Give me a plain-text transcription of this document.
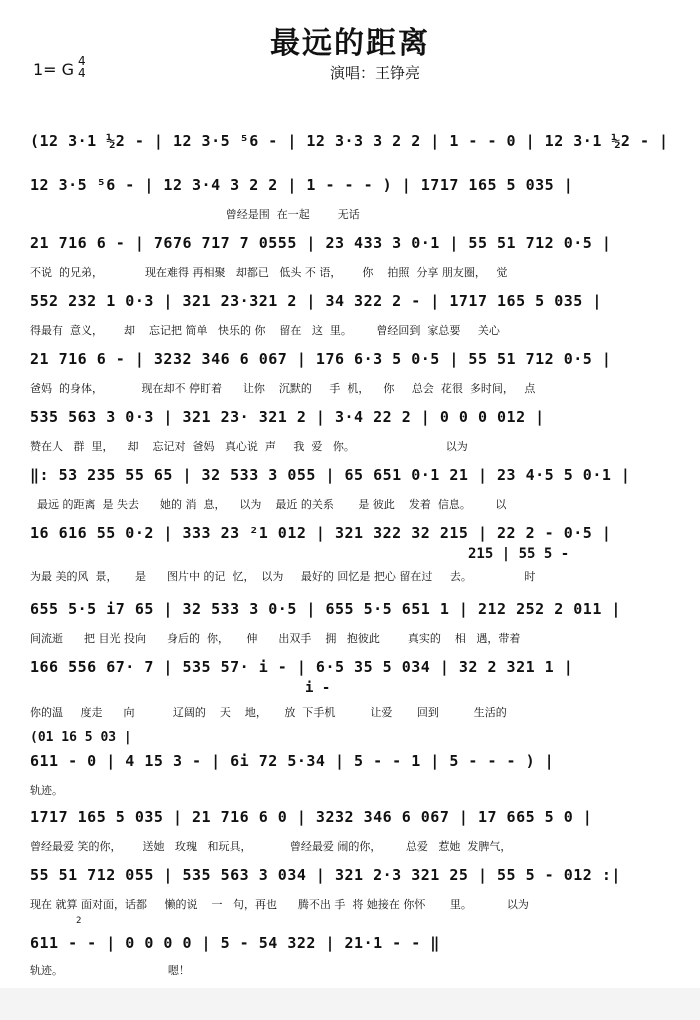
最远的距离
1= G 4
4	演唱：王铮亮
(12 3·1 ½2 - | 12 3·5 ⁵6 - | 12 3·3 3 2 2 | 1 - - 0 | 12 3·1 ½2 - |
12 3·5 ⁵6 - | 12 3·4 3 2 2 | 1 - - - ) | 1717 165 5 035 |
曾经是围  在一起        无话
21 716 6 - | 7676 717 7 0555 | 23 433 3 0·1 | 55 51 712 0·5 |
不说  的兄弟，            现在难得 再相聚   却都已   低头 不 语，      你    拍照  分享 朋友圈，   觉
552 232 1 0·3 | 321 23·321 2 | 34 322 2 - | 1717 165 5 035 |
得最有  意义，      却    忘记把 简单   快乐的 你    留在   这  里。       曾经回到  家总要     关心
21 716 6 - | 3232 346 6 067 | 176 6·3 5 0·5 | 55 51 712 0·5 |
爸妈  的身体，           现在却不 停盯着      让你    沉默的     手  机，    你     总会  花很  多时间，   点
535 563 3 0·3 | 321 23· 321 2 | 3·4 22 2 | 0 0 0 012 |
赞在人   群  里，    却    忘记对  爸妈   真心说  声     我  爱   你。                          以为
‖: 53 235 55 65 | 32 533 3 055 | 65 651 0·1 21 | 23 4·5 5 0·1 |
最远 的距离  是 失去      她的 消  息，    以为    最近 的关系       是 彼此    发着  信息。       以
16 616 55 0·2 | 333 23 ²1 012 | 321 322 32 215 | 22 2 - 0·5 |
215 | 55 5 -
为最 美的风  景，     是      图片中 的记  忆，  以为     最好的 回忆是 把心 留在过     去。               时
655 5·5 i7 65 | 32 533 3 0·5 | 655 5·5 651 1 | 212 252 2 011 |
间流逝      把 目光 投向      身后的  你，     伸      出双手    拥   抱彼此        真实的    相   遇，带着
166 556 67· 7 | 535 57· i - | 6·5 35 5 034 | 32 2 321 1 |
i -
你的温     度走      向           辽阔的    天    地，     放  下手机          让爱       回到          生活的
(01 16 5 03 |
611 - 0 | 4 15 3 - | 6i 72 5·34 | 5 - - 1 | 5 - - - ) |
轨迹。
1717 165 5 035 | 21 716 6 0 | 3232 346 6 067 | 17 665 5 0 |
曾经最爱 笑的你，      送她   玫瑰   和玩具，           曾经最爱 闹的你，       总爱   惹她  发脾气，
55 51 712 055 | 535 563 3 034 | 321 2·3 321 25 | 55 5 - 012 :|
现在 就算 面对面，话都     懒的说    一   句，再也      腾不出 手  将 她接在 你怀       里。          以为
2
611 - - | 0 0 0 0 | 5 - 54 322 | 21·1 - - ‖
轨迹。                              嗯！
